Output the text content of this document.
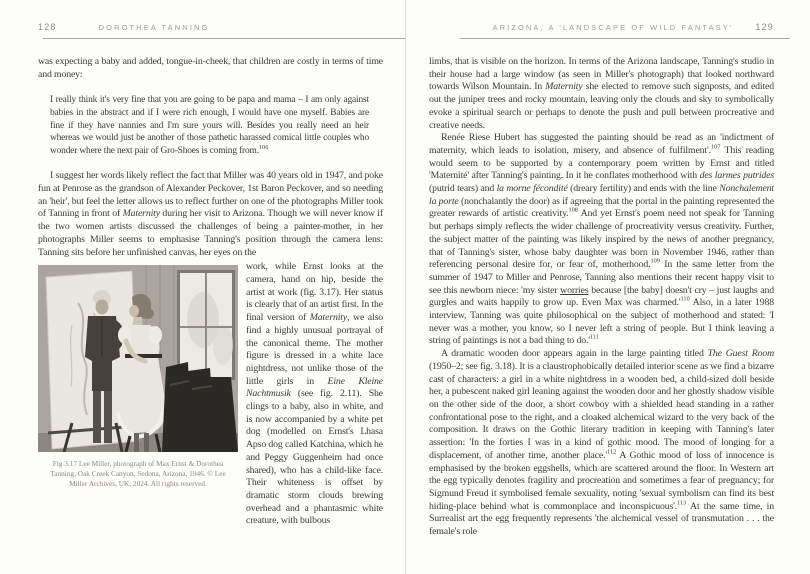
128	DOROTHEA TANNING

was expecting a baby and added, tongue-in-cheek, that children are costly in terms of time and money:

I really think it's very fine that you are going to be papa and mama – I am only against babies in the abstract and if I were rich enough, I would have one myself. Babies are fine if they have nannies and I'm sure yours will. Besides you really need an heir whereas we would just be another of those pathetic harassed comical little couples who wonder where the next pair of Gro-Shoes is coming from.$^{106}$

I suggest her words likely reflect the fact that Miller was 40 years old in 1947, and poke fun at Penrose as the grandson of Alexander Peckover, 1st Baron Peckover, and so needing an 'heir', but feel the letter allows us to reflect further on one of the photographs Miller took of Tanning in front of Maternity during her visit to Arizona. Though we will never know if the two women artists discussed the challenges of being a painter-mother, in her photographs Miller seems to emphasise Tanning's position through the camera lens: Tanning sits before her unfinished canvas, her eyes on the

Fig 3.17 Lee Miller, photograph of Max Ernst & Dorothea Tanning, Oak Creek Canyon, Sedona, Arizona, 1946. © Lee Miller Archives, UK, 2024. All rights reserved.

work, while Ernst looks at the camera, hand on hip, beside the artist at work (fig. 3.17). Her status is clearly that of an artist first. In the final version of Maternity, we also find a highly unusual portrayal of the canonical theme. The mother figure is dressed in a white lace nightdress, not unlike those of the little girls in Eine Kleine Nachtmusik (see fig. 2.11). She clings to a baby, also in white, and is now accompanied by a white pet dog (modelled on Ernst's Lhasa Apso dog called Katchina, which he and Peggy Guggenheim had once shared), who has a child-like face. Their whiteness is offset by dramatic storm clouds brewing overhead and a phantasmic white creature, with bulbous

ARIZONA, A 'LANDSCAPE OF WILD FANTASY' 129

limbs, that is visible on the horizon. In terms of the Arizona landscape, Tanning's studio in their house had a large window (as seen in Miller's photograph) that looked northward towards Wilson Mountain. In Maternity she elected to remove such signposts, and edited out the juniper trees and rocky mountain, leaving only the clouds and sky to symbolically evoke a spiritual search or perhaps to denote the push and pull between procreative and creative needs.

Renée Riese Hubert has suggested the painting should be read as an 'indictment of maternity, which leads to isolation, misery, and absence of fulfilment'.$^{107}$ This reading would seem to be supported by a contemporary poem written by Ernst and titled 'Maternité' after Tanning's painting. In it he conflates motherhood with des larmes putrides (putrid tears) and la morne fécondité (dreary fertility) and ends with the line Nonchalement la porte (nonchalantly the door) as if agreeing that the portal in the painting represented the greater rewards of artistic creativity.$^{108}$ And yet Ernst's poem need not speak for Tanning but perhaps simply reflects the wider challenge of procreativity versus creativity. Further, the subject matter of the painting was likely inspired by the news of another pregnancy, that of Tanning's sister, whose baby daughter was born in November 1946, rather than referencing personal desire for, or fear of, motherhood.$^{109}$ In the same letter from the summer of 1947 to Miller and Penrose, Tanning also mentions their recent happy visit to see this newborn niece: 'my sister worries because [the baby] doesn't cry – just laughs and gurgles and waits happily to grow up. Even Max was $charmed.'^{110}$ Also, in a later 1988 interview, Tanning was quite philosophical on the subject of motherhood and stated: 'I never was a mother, you know, so I never left a string of people. But I think leaving a string of paintings is not a bad thing to $do.'^{111}$

A dramatic wooden door appears again in the large painting titled The Guest Room (1950–2; see fig. 3.18). It is a claustrophobically detailed interior scene as we find a bizarre cast of characters: a girl in a white nightdress in a wooden bed, a child-sized doll beside her, a pubescent naked girl leaning against the wooden door and her ghostly shadow visible on the other side of the door, a short cowboy with a shielded head standing in a rather confrontational pose to the right, and a cloaked alchemical wizard to the very back of the composition. It draws on the Gothic literary tradition in keeping with Tanning's later assertion: 'In the forties I was in a kind of gothic mood. The mood of longing for a displacement, of another time, another $place.'^{112}$ A Gothic mood of loss of innocence is emphasised by the broken eggshells, which are scattered around the floor. In Western art the egg typically denotes fragility and procreation and sometimes a fear of pregnancy; for Sigmund Freud it symbolised female sexuality, noting 'sexual symbolism can find its best hiding-place behind what is commonplace and inconspicuous'.$^{113}$ At the same time, in Surrealist art the egg frequently represents 'the alchemical vessel of transmutation . . . the female's role
